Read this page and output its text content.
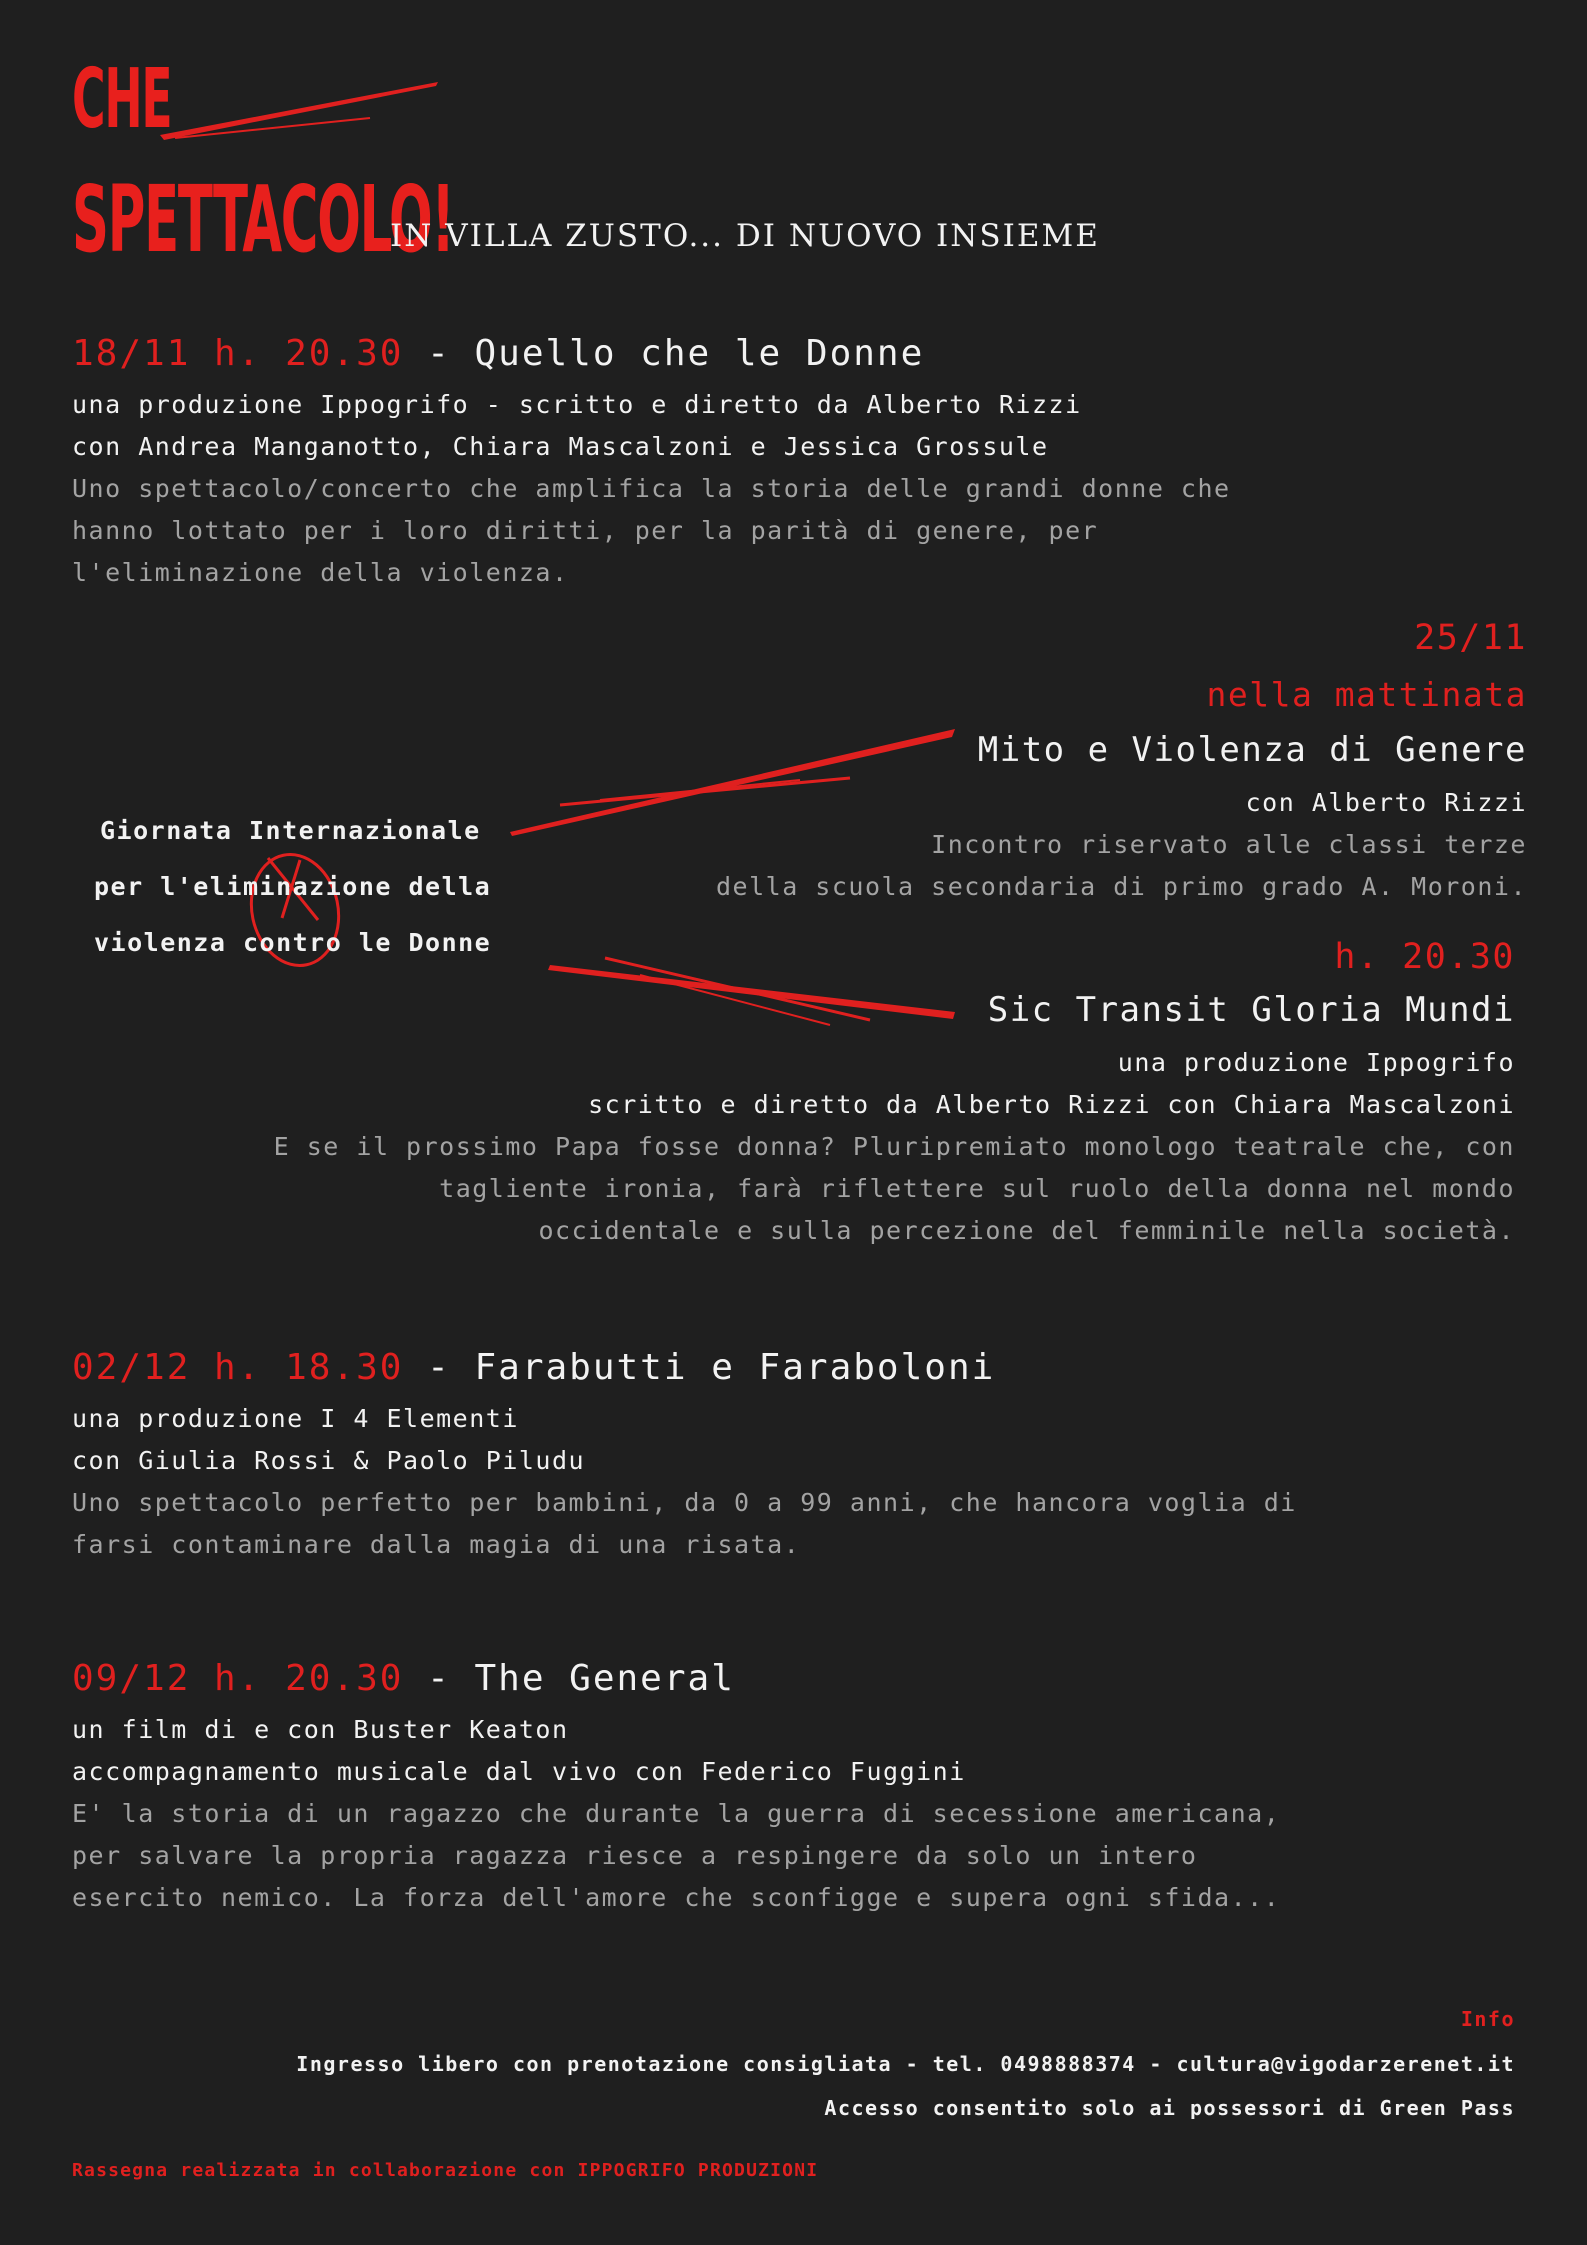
CHE
SPETTACOLO!
IN VILLA ZUSTO... DI NUOVO INSIEME
18/11 h. 20.30 - Quello che le Donne
una produzione Ippogrifo - scritto e diretto da Alberto Rizzi
con Andrea Manganotto, Chiara Mascalzoni e Jessica Grossule
Uno spettacolo/concerto che amplifica la storia delle grandi donne che
hanno lottato per i loro diritti, per la parità di genere, per
l'eliminazione della violenza.
25/11
nella mattinata
Mito e Violenza di Genere
con Alberto Rizzi
Incontro riservato alle classi terze
della scuola secondaria di primo grado A. Moroni.
Giornata Internazionale
per l'eliminazione della
violenza contro le Donne	h. 20.30
Sic Transit Gloria Mundi
una produzione Ippogrifo
scritto e diretto da Alberto Rizzi con Chiara Mascalzoni
E se il prossimo Papa fosse donna? Pluripremiato monologo teatrale che, con
tagliente ironia, farà riflettere sul ruolo della donna nel mondo
occidentale e sulla percezione del femminile nella società.
02/12 h. 18.30 - Farabutti e Faraboloni
una produzione I 4 Elementi
con Giulia Rossi & Paolo Piludu
Uno spettacolo perfetto per bambini, da 0 a 99 anni, che hancora voglia di
farsi contaminare dalla magia di una risata.
09/12 h. 20.30 - The General
un film di e con Buster Keaton
accompagnamento musicale dal vivo con Federico Fuggini
E' la storia di un ragazzo che durante la guerra di secessione americana,
per salvare la propria ragazza riesce a respingere da solo un intero
esercito nemico. La forza dell'amore che sconfigge e supera ogni sfida...
Info
Ingresso libero con prenotazione consigliata - tel. 0498888374 - cultura@vigodarzerenet.it
Accesso consentito solo ai possessori di Green Pass
Rassegna realizzata in collaborazione con IPPOGRIFO PRODUZIONI
